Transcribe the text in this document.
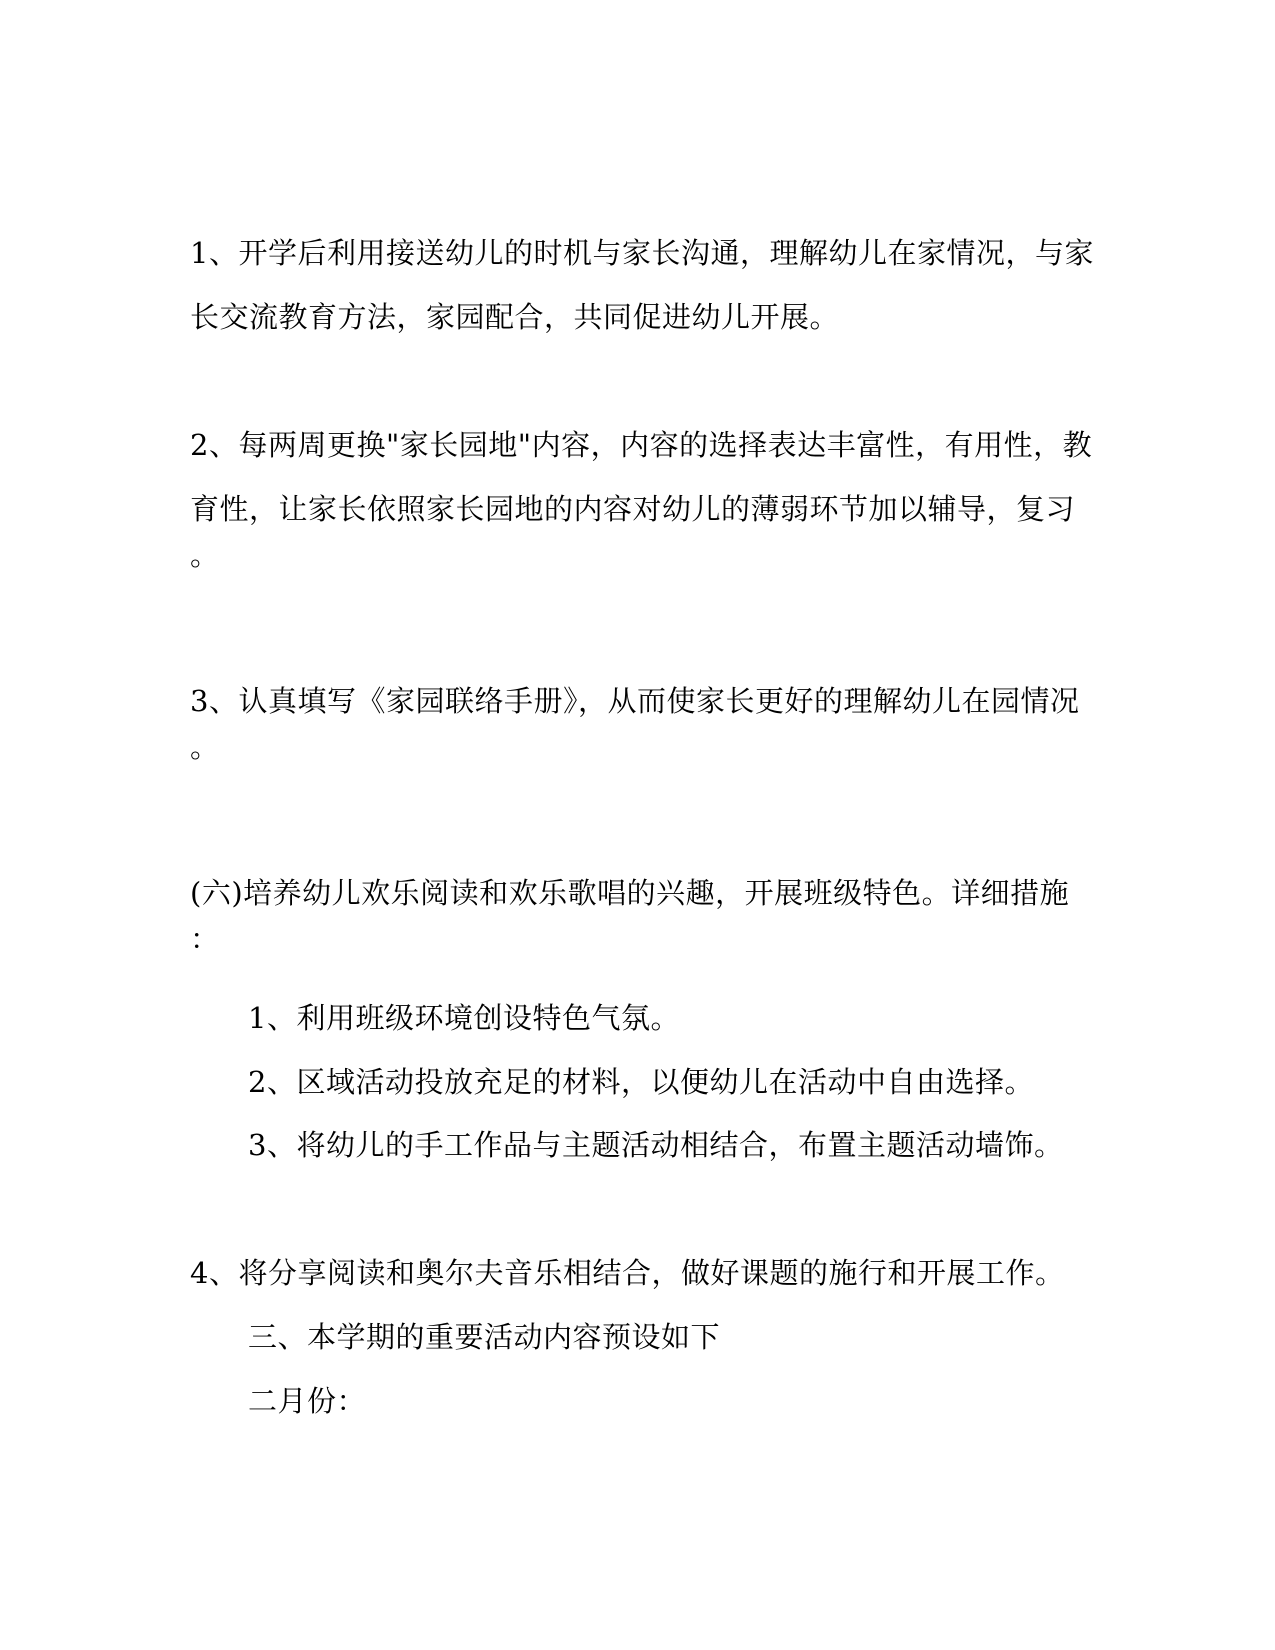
1、开学后利用接送幼儿的时机与家长沟通，理解幼儿在家情况，与家
长交流教育方法，家园配合，共同促进幼儿开展。
2、每两周更换"家长园地"内容，内容的选择表达丰富性，有用性，教
育性，让家长依照家长园地的内容对幼儿的薄弱环节加以辅导，复习
。
3、认真填写《家园联络手册》，从而使家长更好的理解幼儿在园情况
。
(六)培养幼儿欢乐阅读和欢乐歌唱的兴趣，开展班级特色。详细措施
：
1、利用班级环境创设特色气氛。
2、区域活动投放充足的材料，以便幼儿在活动中自由选择。
3、将幼儿的手工作品与主题活动相结合，布置主题活动墙饰。
4、将分享阅读和奥尔夫音乐相结合，做好课题的施行和开展工作。
三、本学期的重要活动内容预设如下
二月份：
